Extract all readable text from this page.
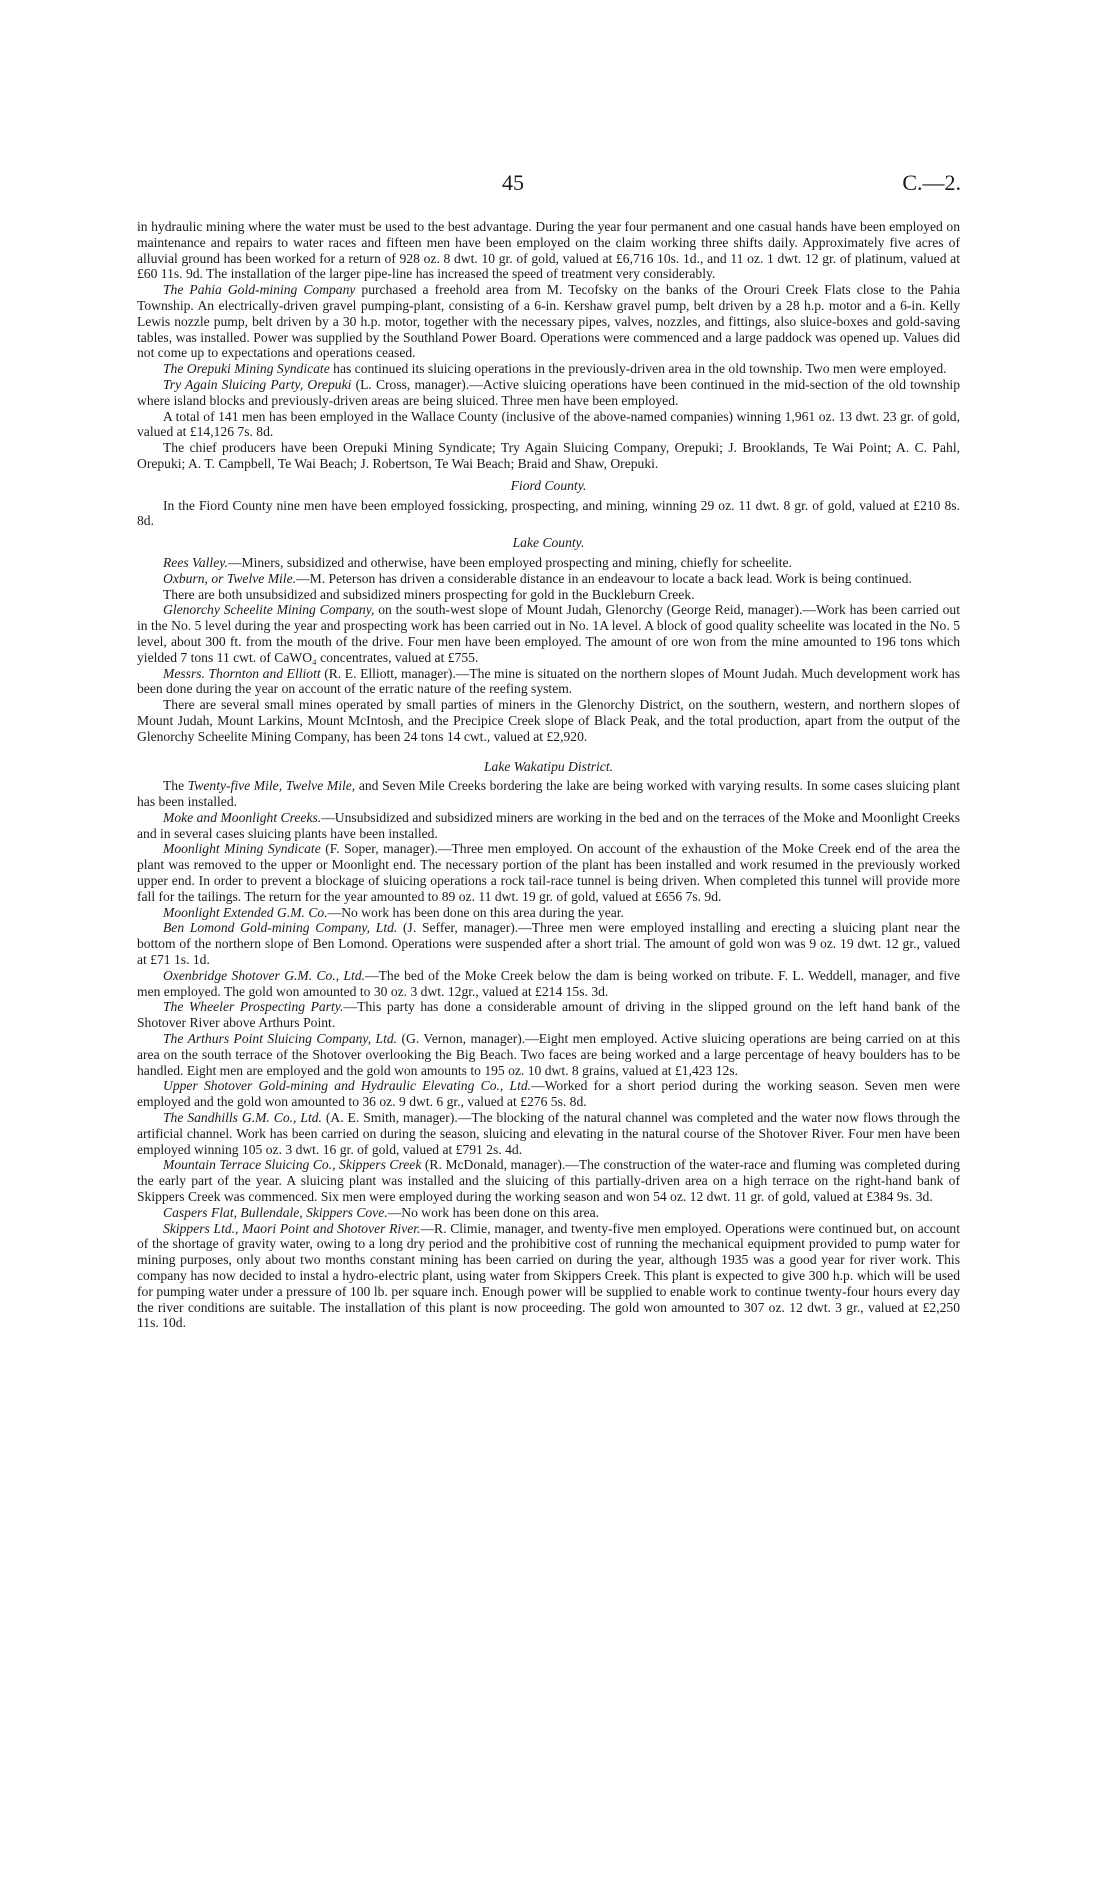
45	C.—2.

in hydraulic mining where the water must be used to the best advantage. During the year four permanent and one casual hands have been employed on maintenance and repairs to water races and fifteen men have been employed on the claim working three shifts daily. Approximately five acres of alluvial ground has been worked for a return of 928 oz. 8 dwt. 10 gr. of gold, valued at £6,716 10s. 1d., and 11 oz. 1 dwt. 12 gr. of platinum, valued at £60 11s. 9d. The installation of the larger pipe-line has increased the speed of treatment very considerably.

The Pahia Gold-mining Company purchased a freehold area from M. Tecofsky on the banks of the Orouri Creek Flats close to the Pahia Township. An electrically-driven gravel pumping-plant, consisting of a 6-in. Kershaw gravel pump, belt driven by a 28 h.p. motor and a 6-in. Kelly Lewis nozzle pump, belt driven by a 30 h.p. motor, together with the necessary pipes, valves, nozzles, and fittings, also sluice-boxes and gold-saving tables, was installed. Power was supplied by the Southland Power Board. Operations were commenced and a large paddock was opened up. Values did not come up to expectations and operations ceased.

The Orepuki Mining Syndicate has continued its sluicing operations in the previously-driven area in the old township. Two men were employed.

Try Again Sluicing Party, Orepuki (L. Cross, manager).—Active sluicing operations have been continued in the mid-section of the old township where island blocks and previously-driven areas are being sluiced. Three men have been employed.

A total of 141 men has been employed in the Wallace County (inclusive of the above-named companies) winning 1,961 oz. 13 dwt. 23 gr. of gold, valued at £14,126 7s. 8d.

The chief producers have been Orepuki Mining Syndicate; Try Again Sluicing Company, Orepuki; J. Brooklands, Te Wai Point; A. C. Pahl, Orepuki; A. T. Campbell, Te Wai Beach; J. Robertson, Te Wai Beach; Braid and Shaw, Orepuki.

Fiord County.

In the Fiord County nine men have been employed fossicking, prospecting, and mining, winning 29 oz. 11 dwt. 8 gr. of gold, valued at £210 8s. 8d.

Lake County.

Rees Valley.—Miners, subsidized and otherwise, have been employed prospecting and mining, chiefly for scheelite.

Oxburn, or Twelve Mile.—M. Peterson has driven a considerable distance in an endeavour to locate a back lead. Work is being continued.

There are both unsubsidized and subsidized miners prospecting for gold in the Buckleburn Creek.

Glenorchy Scheelite Mining Company, on the south-west slope of Mount Judah, Glenorchy (George Reid, manager).—Work has been carried out in the No. 5 level during the year and prospecting work has been carried out in No. 1A level. A block of good quality scheelite was located in the No. 5 level, about 300 ft. from the mouth of the drive. Four men have been employed. The amount of ore won from the mine amounted to 196 tons which yielded 7 tons 11 cwt. of CaWO₄ concentrates, valued at £755.

Messrs. Thornton and Elliott (R. E. Elliott, manager).—The mine is situated on the northern slopes of Mount Judah. Much development work has been done during the year on account of the erratic nature of the reefing system.

There are several small mines operated by small parties of miners in the Glenorchy District, on the southern, western, and northern slopes of Mount Judah, Mount Larkins, Mount McIntosh, and the Precipice Creek slope of Black Peak, and the total production, apart from the output of the Glenorchy Scheelite Mining Company, has been 24 tons 14 cwt., valued at £2,920.

Lake Wakatipu District.

The Twenty-five Mile, Twelve Mile, and Seven Mile Creeks bordering the lake are being worked with varying results. In some cases sluicing plant has been installed.

Moke and Moonlight Creeks.—Unsubsidized and subsidized miners are working in the bed and on the terraces of the Moke and Moonlight Creeks and in several cases sluicing plants have been installed.

Moonlight Mining Syndicate (F. Soper, manager).—Three men employed. On account of the exhaustion of the Moke Creek end of the area the plant was removed to the upper or Moonlight end. The necessary portion of the plant has been installed and work resumed in the previously worked upper end. In order to prevent a blockage of sluicing operations a rock tail-race tunnel is being driven. When completed this tunnel will provide more fall for the tailings. The return for the year amounted to 89 oz. 11 dwt. 19 gr. of gold, valued at £656 7s. 9d.

Moonlight Extended G.M. Co.—No work has been done on this area during the year.

Ben Lomond Gold-mining Company, Ltd. (J. Seffer, manager).—Three men were employed installing and erecting a sluicing plant near the bottom of the northern slope of Ben Lomond. Operations were suspended after a short trial. The amount of gold won was 9 oz. 19 dwt. 12 gr., valued at £71 1s. 1d.

Oxenbridge Shotover G.M. Co., Ltd.—The bed of the Moke Creek below the dam is being worked on tribute. F. L. Weddell, manager, and five men employed. The gold won amounted to 30 oz. 3 dwt. 12gr., valued at £214 15s. 3d.

The Wheeler Prospecting Party.—This party has done a considerable amount of driving in the slipped ground on the left hand bank of the Shotover River above Arthurs Point.

The Arthurs Point Sluicing Company, Ltd. (G. Vernon, manager).—Eight men employed. Active sluicing operations are being carried on at this area on the south terrace of the Shotover overlooking the Big Beach. Two faces are being worked and a large percentage of heavy boulders has to be handled. Eight men are employed and the gold won amounts to 195 oz. 10 dwt. 8 grains, valued at £1,423 12s.

Upper Shotover Gold-mining and Hydraulic Elevating Co., Ltd.—Worked for a short period during the working season. Seven men were employed and the gold won amounted to 36 oz. 9 dwt. 6 gr., valued at £276 5s. 8d.

The Sandhills G.M. Co., Ltd. (A. E. Smith, manager).—The blocking of the natural channel was completed and the water now flows through the artificial channel. Work has been carried on during the season, sluicing and elevating in the natural course of the Shotover River. Four men have been employed winning 105 oz. 3 dwt. 16 gr. of gold, valued at £791 2s. 4d.

Mountain Terrace Sluicing Co., Skippers Creek (R. McDonald, manager).—The construction of the water-race and fluming was completed during the early part of the year. A sluicing plant was installed and the sluicing of this partially-driven area on a high terrace on the right-hand bank of Skippers Creek was commenced. Six men were employed during the working season and won 54 oz. 12 dwt. 11 gr. of gold, valued at £384 9s. 3d.

Caspers Flat, Bullendale, Skippers Cove.—No work has been done on this area.

Skippers Ltd., Maori Point and Shotover River.—R. Climie, manager, and twenty-five men employed. Operations were continued but, on account of the shortage of gravity water, owing to a long dry period and the prohibitive cost of running the mechanical equipment provided to pump water for mining purposes, only about two months constant mining has been carried on during the year, although 1935 was a good year for river work. This company has now decided to instal a hydro-electric plant, using water from Skippers Creek. This plant is expected to give 300 h.p. which will be used for pumping water under a pressure of 100 lb. per square inch. Enough power will be supplied to enable work to continue twenty-four hours every day the river conditions are suitable. The installation of this plant is now proceeding. The gold won amounted to 307 oz. 12 dwt. 3 gr., valued at £2,250 11s. 10d.
